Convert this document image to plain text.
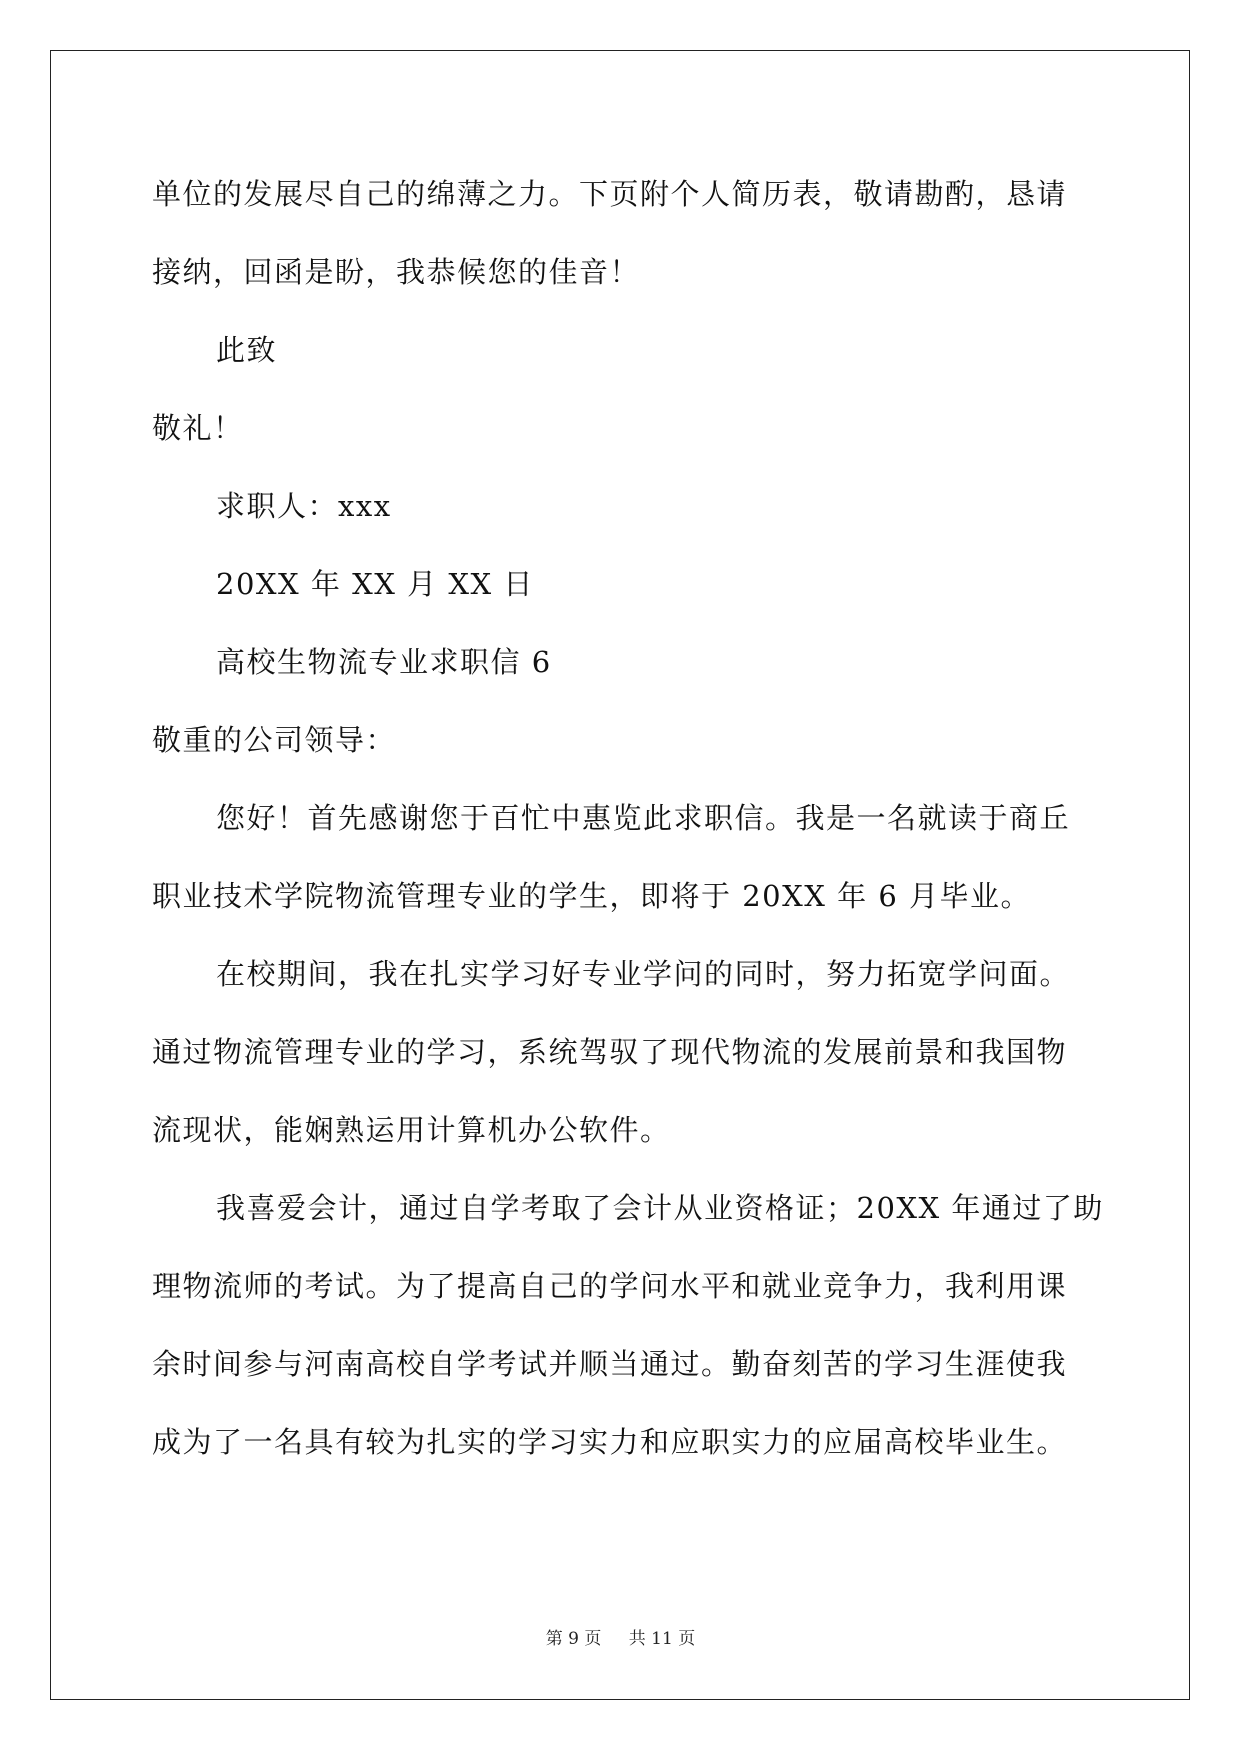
单位的发展尽自己的绵薄之力。下页附个人简历表，敬请勘酌，恳请
接纳，回函是盼，我恭候您的佳音！
此致
敬礼！
求职人：xxx
20XX 年 XX 月 XX 日
高校生物流专业求职信 6
敬重的公司领导：
您好！首先感谢您于百忙中惠览此求职信。我是一名就读于商丘
职业技术学院物流管理专业的学生，即将于 20XX 年 6 月毕业。
在校期间，我在扎实学习好专业学问的同时，努力拓宽学问面。
通过物流管理专业的学习，系统驾驭了现代物流的发展前景和我国物
流现状，能娴熟运用计算机办公软件。
我喜爱会计，通过自学考取了会计从业资格证；20XX 年通过了助
理物流师的考试。为了提高自己的学问水平和就业竞争力，我利用课
余时间参与河南高校自学考试并顺当通过。勤奋刻苦的学习生涯使我
成为了一名具有较为扎实的学习实力和应职实力的应届高校毕业生。
第 9 页 共 11 页
